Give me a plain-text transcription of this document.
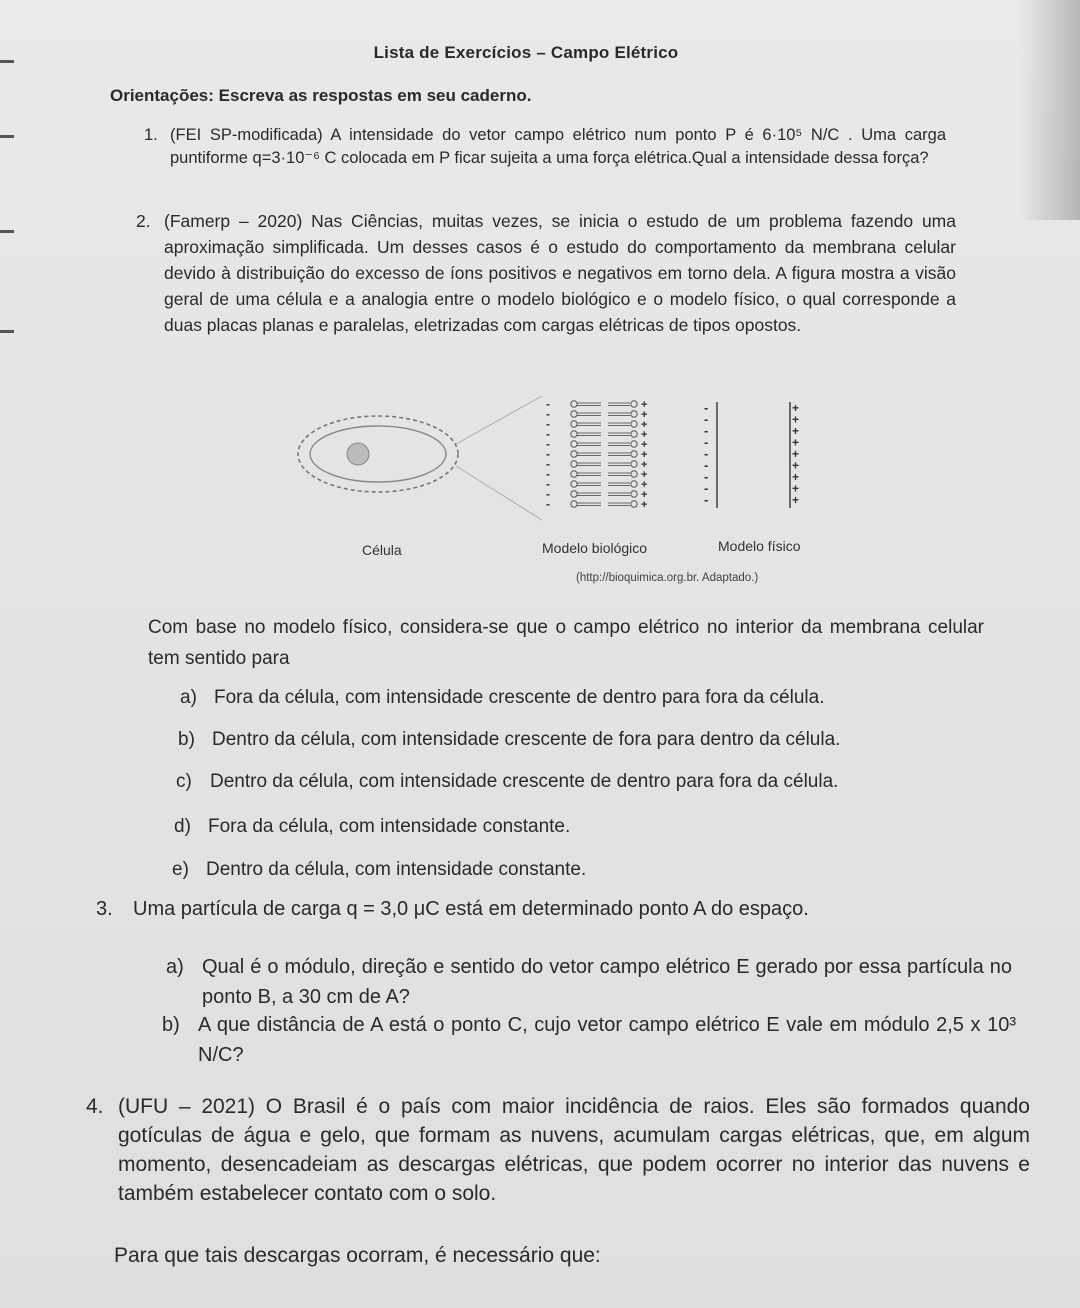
Lista de Exercícios – Campo Elétrico
Orientações: Escreva as respostas em seu caderno.
1. (FEI SP-modificada) A intensidade do vetor campo elétrico num ponto P é 6·10⁵ N/C . Uma carga puntiforme q=3·10⁻⁶ C colocada em P ficar sujeita a uma força elétrica.Qual a intensidade dessa força?
2. (Famerp – 2020) Nas Ciências, muitas vezes, se inicia o estudo de um problema fazendo uma aproximação simplificada. Um desses casos é o estudo do comportamento da membrana celular devido à distribuição do excesso de íons positivos e negativos em torno dela. A figura mostra a visão geral de uma célula e a analogia entre o modelo biológico e o modelo físico, o qual corresponde a duas placas planas e paralelas, eletrizadas com cargas elétricas de tipos opostos.
-	+
-	+
-	+
-	+
-	+
-	+
-	+
-	+
-	+
-	+
-	+
-	+
-	+
-	+
-	+
-	+
-	+
-	+
-	+
-	+
Célula	Modelo biológico	Modelo físico
(http://bioquimica.org.br. Adaptado.)
Com base no modelo físico, considera-se que o campo elétrico no interior da membrana celular tem sentido para
a) Fora da célula, com intensidade crescente de dentro para fora da célula.
b) Dentro da célula, com intensidade crescente de fora para dentro da célula.
c) Dentro da célula, com intensidade crescente de dentro para fora da célula.
d) Fora da célula, com intensidade constante.
e) Dentro da célula, com intensidade constante.
3. Uma partícula de carga q = 3,0 μC está em determinado ponto A do espaço.
a) Qual é o módulo, direção e sentido do vetor campo elétrico E gerado por essa partícula no ponto B, a 30 cm de A?
b) A que distância de A está o ponto C, cujo vetor campo elétrico E vale em módulo 2,5 x 10³ N/C?
4. (UFU – 2021) O Brasil é o país com maior incidência de raios. Eles são formados quando gotículas de água e gelo, que formam as nuvens, acumulam cargas elétricas, que, em algum momento, desencadeiam as descargas elétricas, que podem ocorrer no interior das nuvens e também estabelecer contato com o solo.
Para que tais descargas ocorram, é necessário que:
